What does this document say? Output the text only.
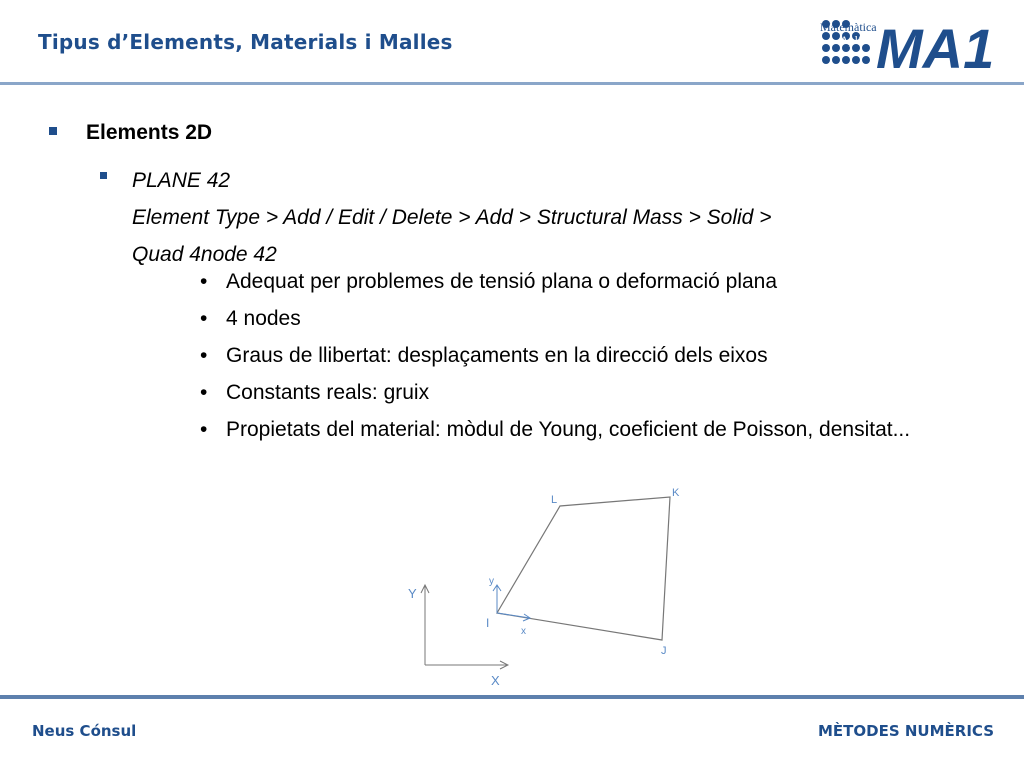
Tipus d’Elements, Materials i Malles
Matemàtica
Aplicada
MA1
Elements 2D
PLANE 42
Element Type > Add / Edit / Delete > Add > Structural Mass > Solid >
Quad 4node 42
• Adequat per problemes de tensió plana o deformació plana
• 4 nodes
• Graus de llibertat: desplaçaments en la direcció dels eixos
• Constants reals: gruix
• Propietats del material: mòdul de Young, coeficient de Poisson, densitat...
L
K
I
J
y
x
Y
X
Neus Cónsul	MÈTODES NUMÈRICS
